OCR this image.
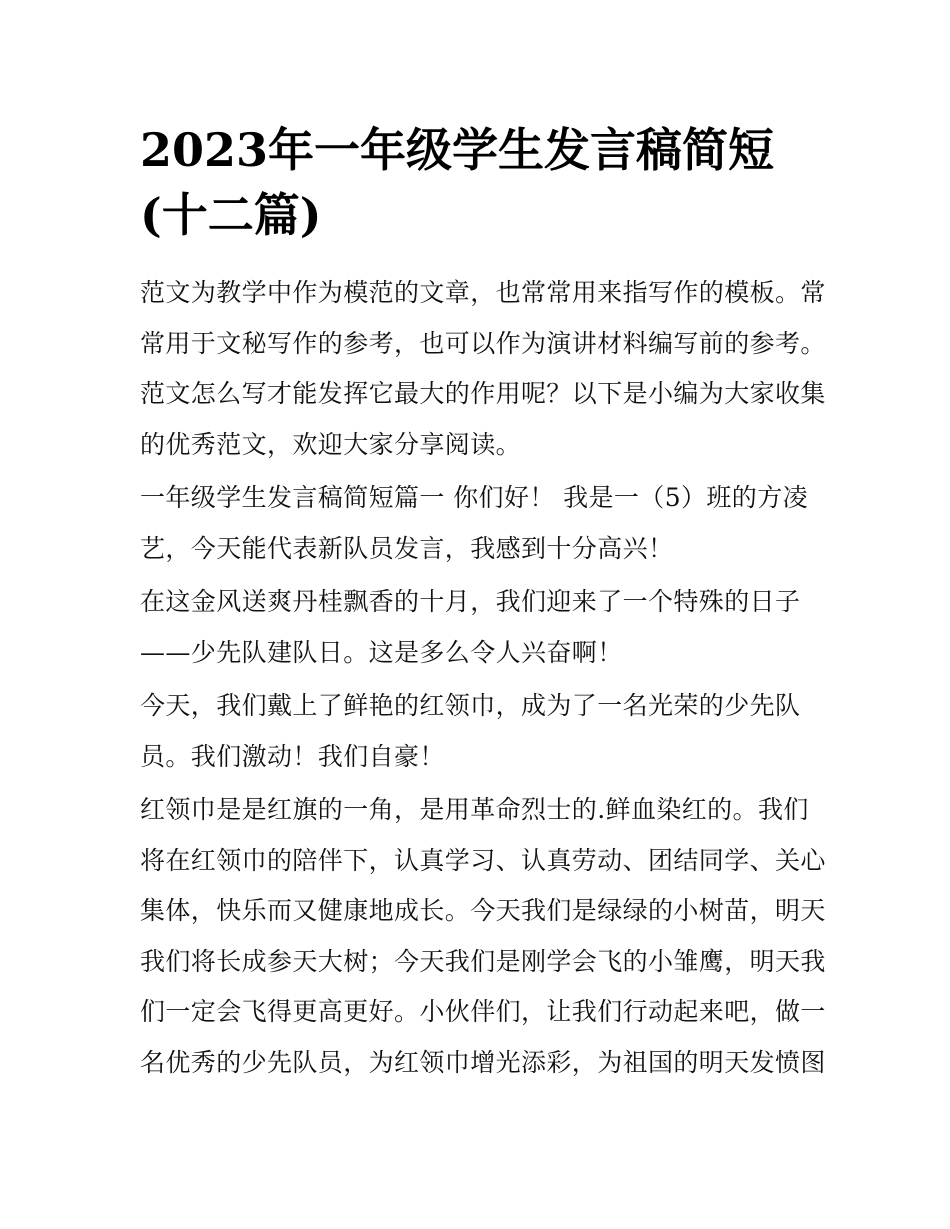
2023年一年级学生发言稿简短
(十二篇)

范文为教学中作为模范的文章，也常常用来指写作的模板。常
常用于文秘写作的参考，也可以作为演讲材料编写前的参考。
范文怎么写才能发挥它最大的作用呢？以下是小编为大家收集
的优秀范文，欢迎大家分享阅读。

一年级学生发言稿简短篇一 你们好！ 我是一（5）班的方凌
艺，今天能代表新队员发言，我感到十分高兴！

在这金风送爽丹桂飘香的十月，我们迎来了一个特殊的日子
——少先队建队日。这是多么令人兴奋啊！

今天，我们戴上了鲜艳的红领巾，成为了一名光荣的少先队
员。我们激动！我们自豪！

红领巾是是红旗的一角，是用革命烈士的.鲜血染红的。我们
将在红领巾的陪伴下，认真学习、认真劳动、团结同学、关心
集体，快乐而又健康地成长。今天我们是绿绿的小树苗，明天
我们将长成参天大树；今天我们是刚学会飞的小雏鹰，明天我
们一定会飞得更高更好。小伙伴们，让我们行动起来吧，做一
名优秀的少先队员，为红领巾增光添彩，为祖国的明天发愤图
